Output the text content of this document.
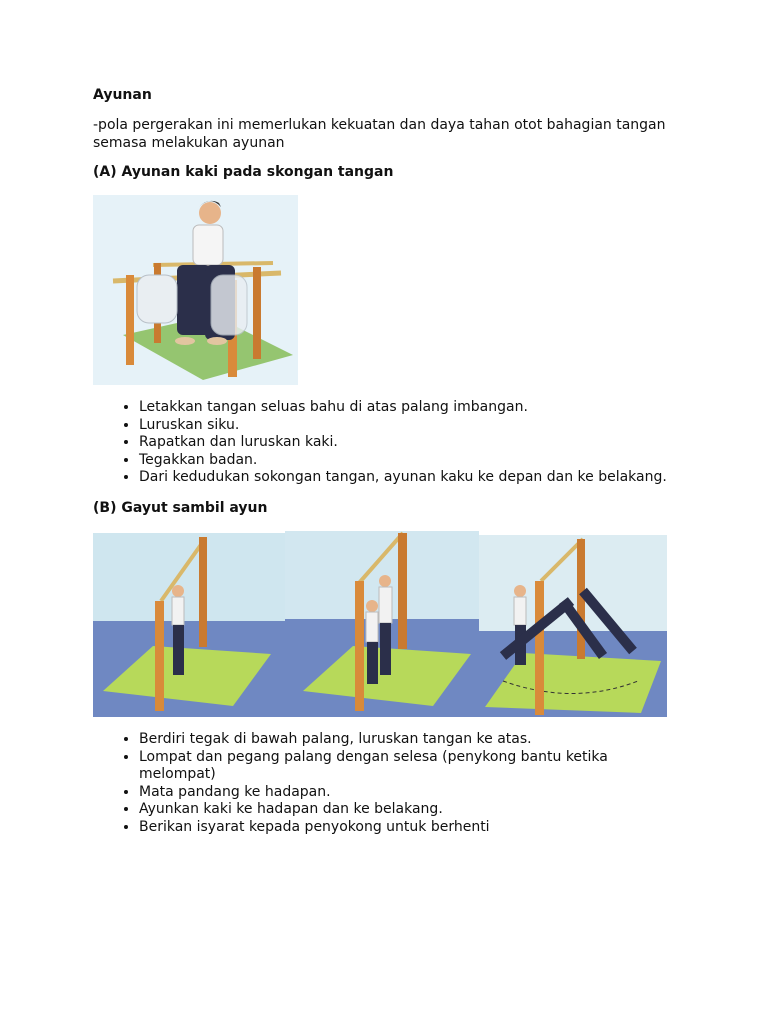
Ayunan

-pola pergerakan ini memerlukan kekuatan dan daya tahan otot bahagian tangan semasa melakukan ayunan

(A) Ayunan kaki pada skongan tangan
• Letakkan tangan seluas bahu di atas palang imbangan.
• Luruskan siku.
• Rapatkan dan luruskan kaki.
• Tegakkan badan.
• Dari kedudukan sokongan tangan, ayunan kaku ke depan dan ke belakang.
(B) Gayut sambil ayun
• Berdiri tegak di bawah palang, luruskan tangan ke atas.
• Lompat dan pegang palang dengan selesa (penykong bantu ketika melompat)
• Mata pandang ke hadapan.
• Ayunkan kaki ke hadapan dan ke belakang.
• Berikan isyarat kepada penyokong untuk berhenti
